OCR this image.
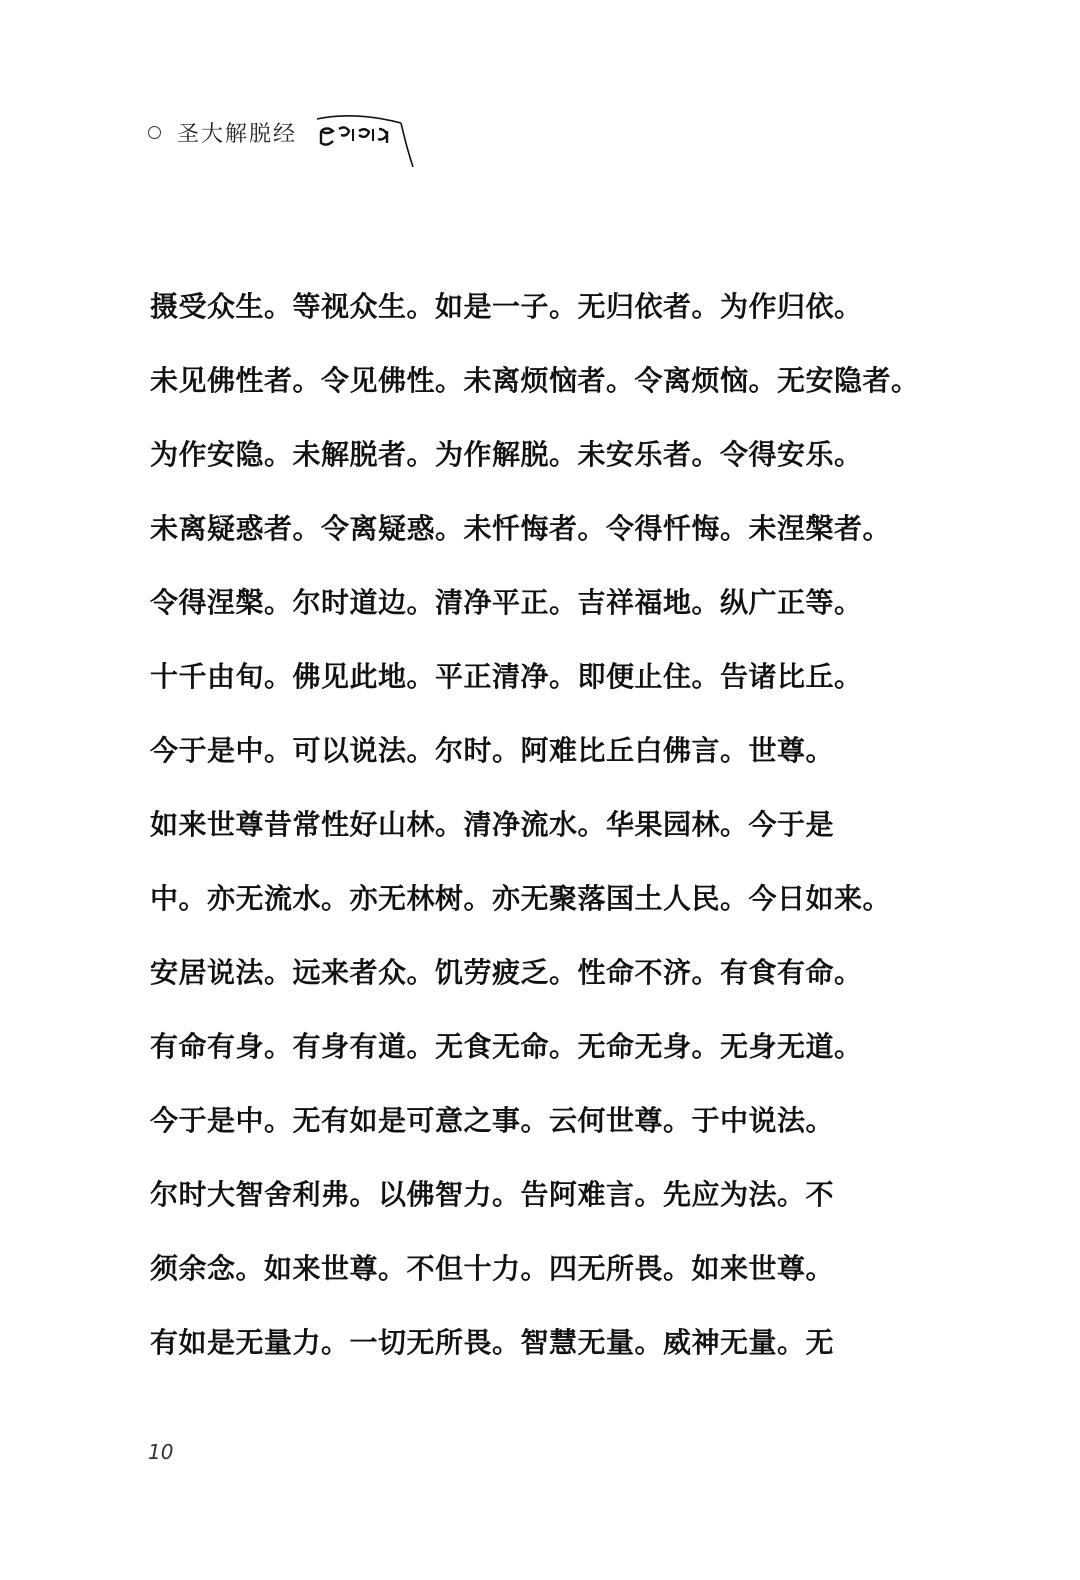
圣大解脱经
摄受众生。等视众生。如是一子。无归依者。为作归依。
未见佛性者。令见佛性。未离烦恼者。令离烦恼。无安隐者。
为作安隐。未解脱者。为作解脱。未安乐者。令得安乐。
未离疑惑者。令离疑惑。未忏悔者。令得忏悔。未涅槃者。
令得涅槃。尔时道边。清净平正。吉祥福地。纵广正等。
十千由旬。佛见此地。平正清净。即便止住。告诸比丘。
今于是中。可以说法。尔时。阿难比丘白佛言。世尊。
如来世尊昔常性好山林。清净流水。华果园林。今于是
中。亦无流水。亦无林树。亦无聚落国土人民。今日如来。
安居说法。远来者众。饥劳疲乏。性命不济。有食有命。
有命有身。有身有道。无食无命。无命无身。无身无道。
今于是中。无有如是可意之事。云何世尊。于中说法。
尔时大智舍利弗。以佛智力。告阿难言。先应为法。不
须余念。如来世尊。不但十力。四无所畏。如来世尊。
有如是无量力。一切无所畏。智慧无量。威神无量。无
10
